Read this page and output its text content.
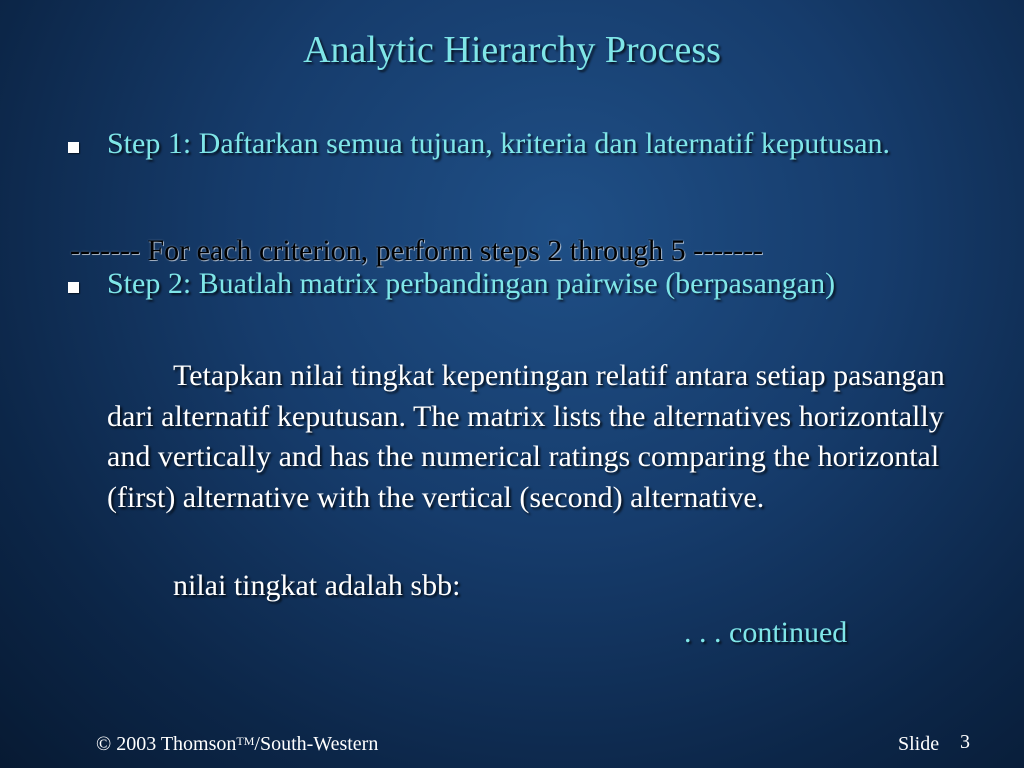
Analytic Hierarchy Process
Step 1: Daftarkan semua tujuan, kriteria dan laternatif keputusan.
------- For each criterion, perform steps 2 through 5 -------
Step 2: Buatlah matrix perbandingan pairwise (berpasangan)
Tetapkan nilai tingkat kepentingan relatif antara setiap pasangan dari alternatif keputusan. The matrix lists the alternatives horizontally and vertically and has the numerical ratings comparing the horizontal (first) alternative with the vertical (second) alternative.
nilai tingkat adalah sbb:
. . . continued
© 2003 Thomson™/South-Western	Slide 3
